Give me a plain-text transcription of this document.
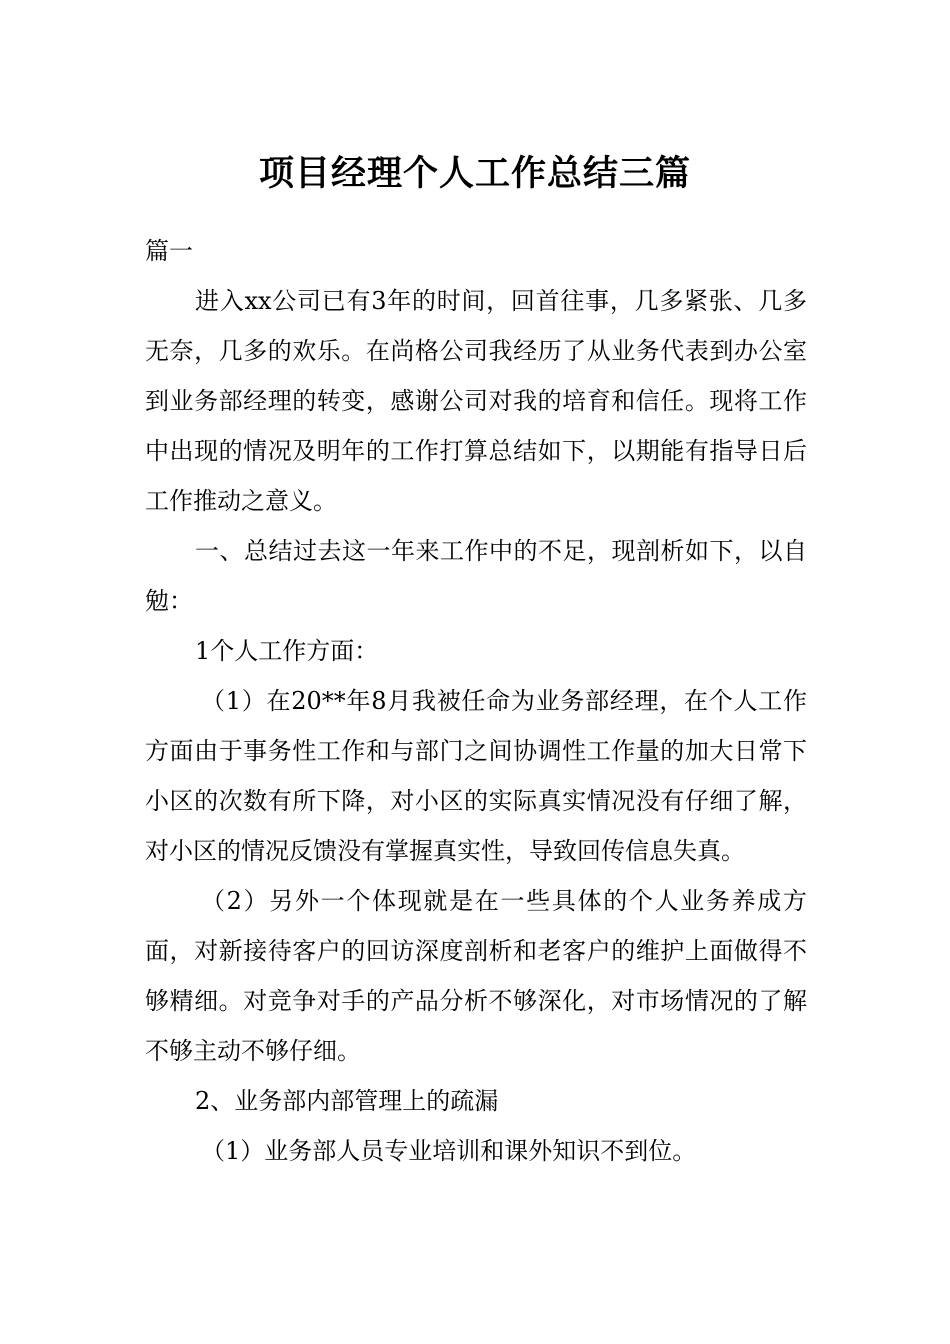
项目经理个人工作总结三篇

篇一

进入xx公司已有3年的时间，回首往事，几多紧张、几多无奈，几多的欢乐。在尚格公司我经历了从业务代表到办公室到业务部经理的转变，感谢公司对我的培育和信任。现将工作中出现的情况及明年的工作打算总结如下，以期能有指导日后工作推动之意义。

一、总结过去这一年来工作中的不足，现剖析如下，以自勉：

1个人工作方面：

（1）在20**年8月我被任命为业务部经理，在个人工作方面由于事务性工作和与部门之间协调性工作量的加大日常下小区的次数有所下降，对小区的实际真实情况没有仔细了解，对小区的情况反馈没有掌握真实性，导致回传信息失真。

（2）另外一个体现就是在一些具体的个人业务养成方面，对新接待客户的回访深度剖析和老客户的维护上面做得不够精细。对竞争对手的产品分析不够深化，对市场情况的了解不够主动不够仔细。

2、业务部内部管理上的疏漏

（1）业务部人员专业培训和课外知识不到位。
